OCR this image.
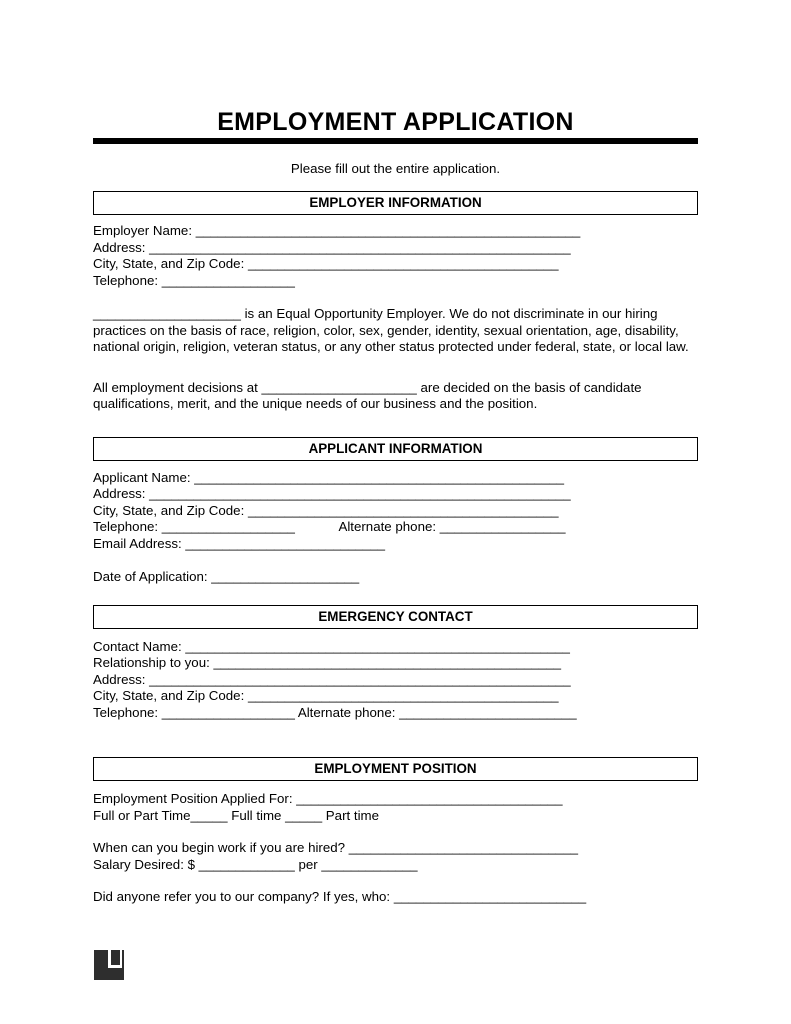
EMPLOYMENT APPLICATION

Please fill out the entire application.

EMPLOYER INFORMATION
Employer Name: ____________________________________________________
Address: _________________________________________________________
City, State, and Zip Code: __________________________________________
Telephone: __________________

____________________ is an Equal Opportunity Employer. We do not discriminate in our hiring practices on the basis of race, religion, color, sex, gender, identity, sexual orientation, age, disability, national origin, religion, veteran status, or any other status protected under federal, state, or local law.

All employment decisions at _____________________ are decided on the basis of candidate qualifications, merit, and the unique needs of our business and the position.

APPLICANT INFORMATION
Applicant Name: __________________________________________________
Address: _________________________________________________________
City, State, and Zip Code: __________________________________________
Telephone: __________________            Alternate phone: _________________
Email Address: ___________________________
Date of Application: ____________________
EMERGENCY CONTACT
Contact Name: ____________________________________________________
Relationship to you: _______________________________________________
Address: _________________________________________________________
City, State, and Zip Code: __________________________________________
Telephone: __________________ Alternate phone: ________________________
EMPLOYMENT POSITION
Employment Position Applied For: ____________________________________
Full or Part Time_____ Full time _____ Part time
When can you begin work if you are hired? _______________________________
Salary Desired: $ _____________ per _____________
Did anyone refer you to our company? If yes, who: __________________________
